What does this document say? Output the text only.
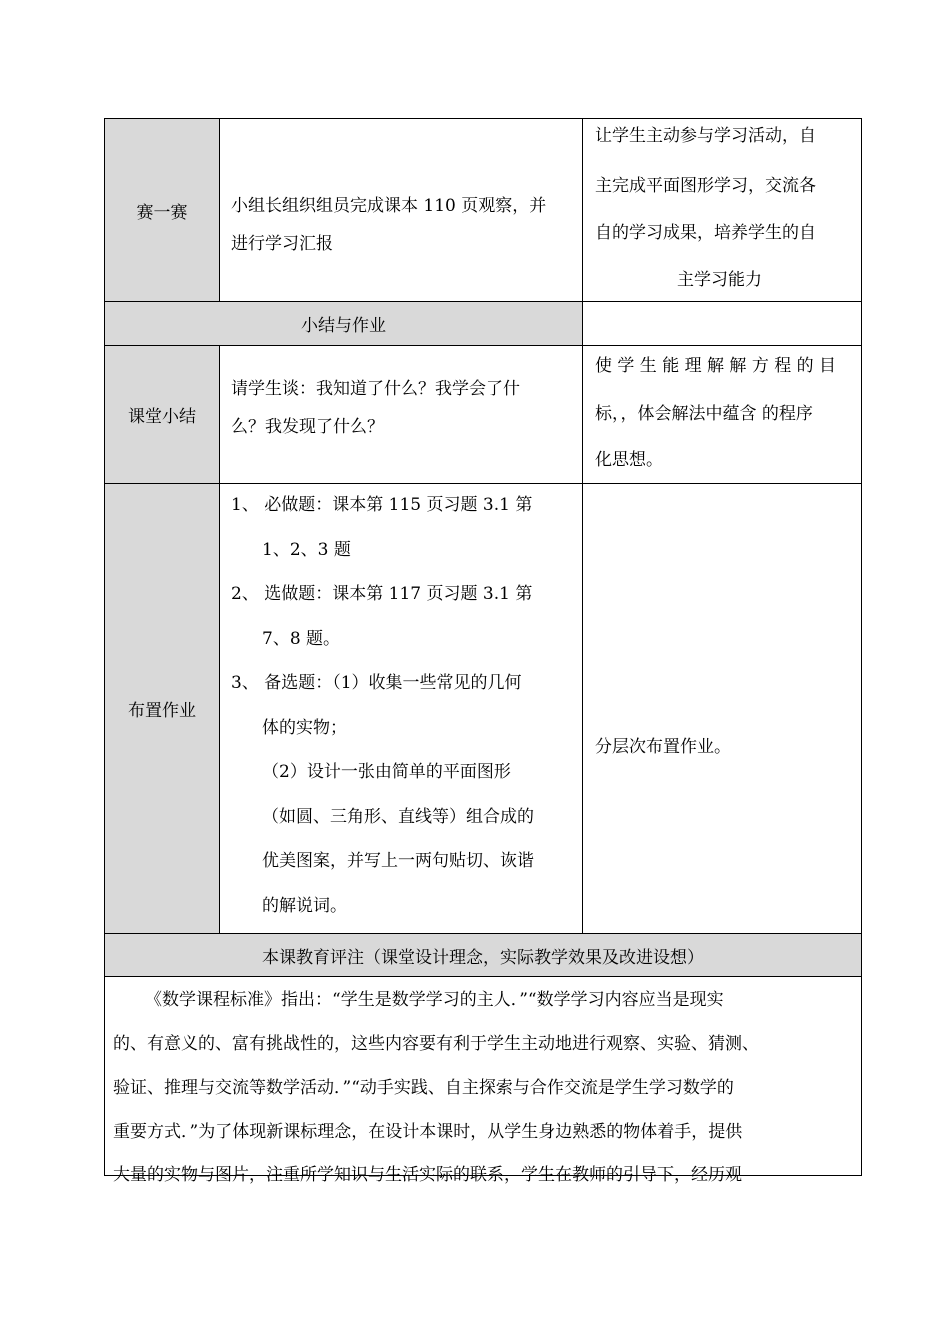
赛一赛	小组长组织组员完成课本 110 页观察，并
进行学习汇报
让学生主动参与学习活动，自
主完成平面图形学习，交流各
自的学习成果，培养学生的自
主学习能力
小结与作业
课堂小结
请学生谈：我知道了什么？我学会了什
么？我发现了什么？
使 学 生 能 理 解 解 方 程 的 目
标，，体会解法中蕴含 的程序
化思想。
布置作业
1、 必做题：课本第 115 页习题 3.1 第
1、2、3 题
2、 选做题：课本第 117 页习题 3.1 第
7、8 题。
3、 备选题：（1）收集一些常见的几何
体的实物；
（2）设计一张由简单的平面图形
（如圆、三角形、直线等）组合成的
优美图案，并写上一两句贴切、诙谐
的解说词。
分层次布置作业。
本课教育评注（课堂设计理念，实际教学效果及改进设想）
《数学课程标准》指出：“学生是数学学习的主人．”“数学学习内容应当是现实
的、有意义的、富有挑战性的，这些内容要有利于学生主动地进行观察、实验、猜测、
验证、推理与交流等数学活动．”“动手实践、自主探索与合作交流是学生学习数学的
重要方式．”为了体现新课标理念，在设计本课时，从学生身边熟悉的物体着手，提供
大量的实物与图片，注重所学知识与生活实际的联系，学生在教师的引导下，经历观
